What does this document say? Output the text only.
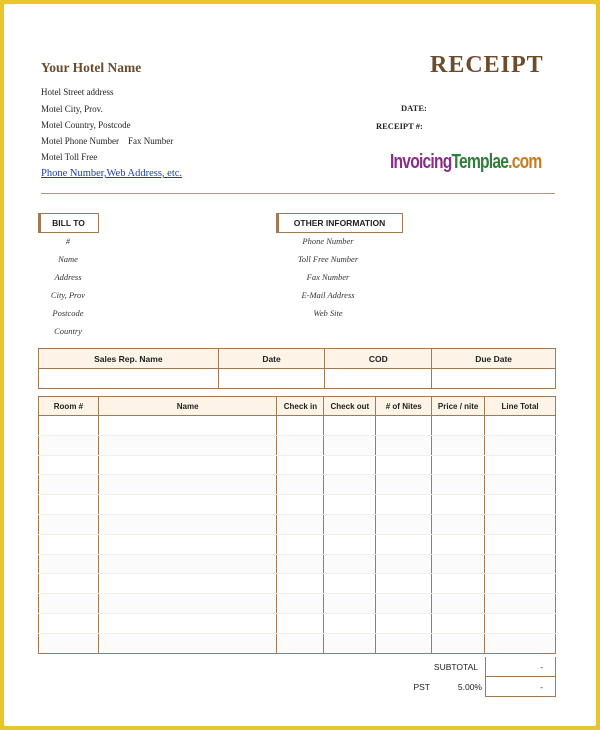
Your Hotel Name	RECEIPT
Hotel Street address
Motel City, Prov.
Motel Country, Postcode
Motel Phone Number    Fax Number
Motel Toll Free
Phone Number,Web Address, etc.
DATE:
RECEIPT #:
InvoicingTemplae.com
BILL TO
#
Name
Address
City, Prov
Postcode
Country
OTHER INFORMATION
Phone Number
Toll Free Number
Fax Number
E-Mail Address
Web Site
Sales Rep. Name	Date	COD	Due Date

Room #	Name	Check in	Check out	# of Nites	Price / nite	Line Total

SUBTOTAL	-
PST	5.00%	-
